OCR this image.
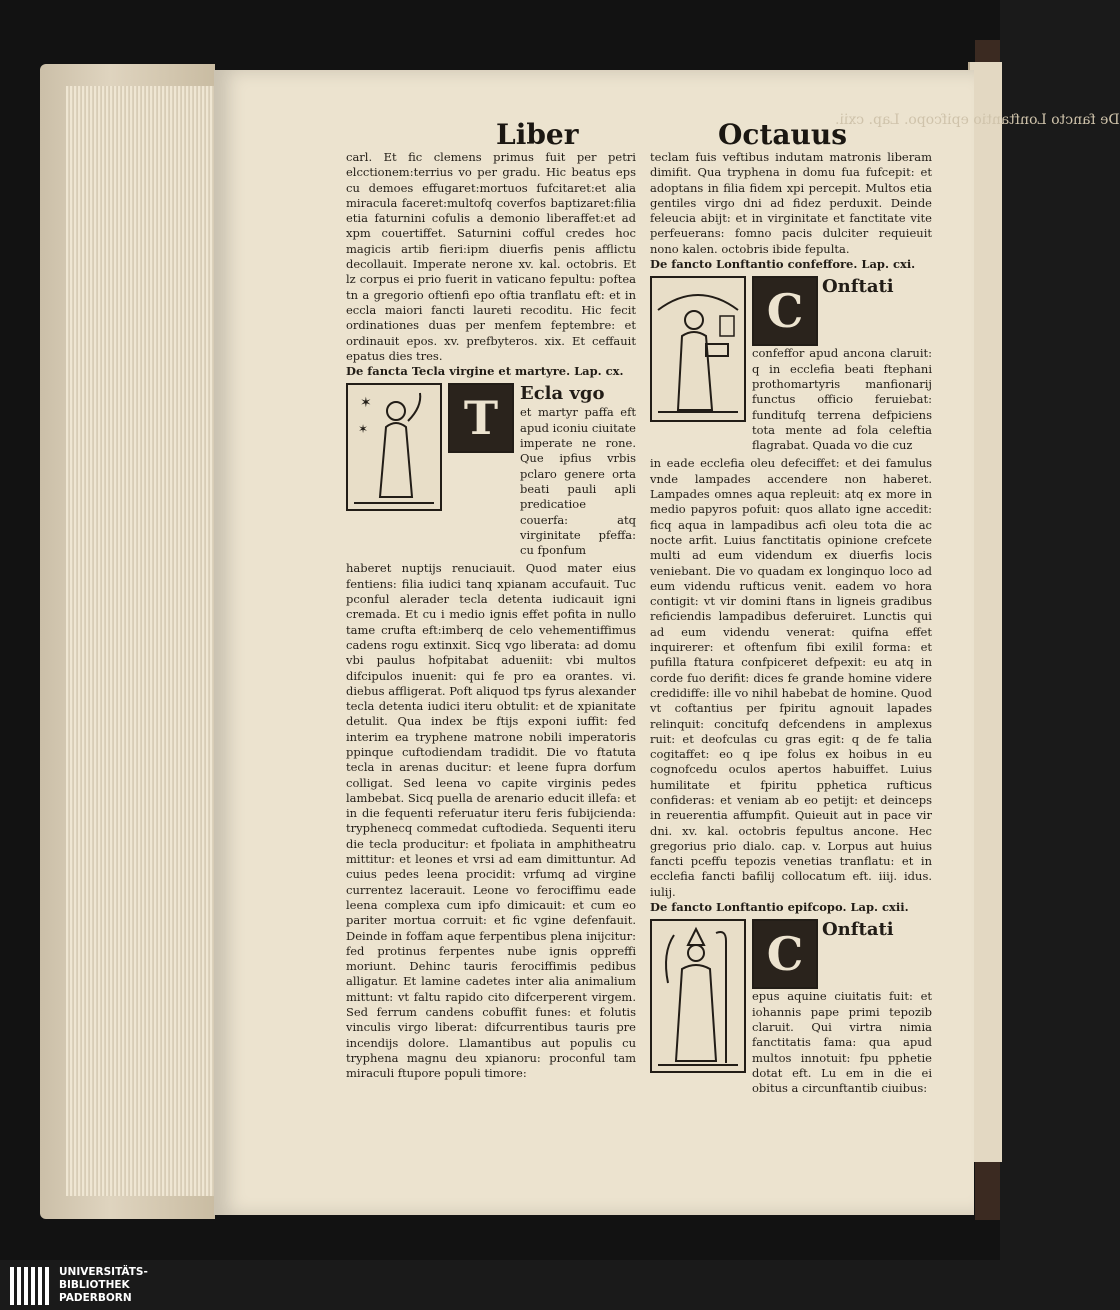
De fancto Lonftantio epifcopo. Lap. cxii.
Liber	Octauus

carl. Et fic clemens primus fuit per petri elcctionem:terrius vo per gradu. Hic beatus eps cu demoes effugaret:mortuos fufcitaret:et alia miracula faceret:multofq coverfos baptizaret:filia etia faturnini cofulis a demonio liberaffet:et ad xpm couertiffet. Saturnini cofful credes hoc magicis artib fieri:ipm diuerfis penis afflictu decollauit. Imperate nerone xv. kal. octobris. Et lz corpus ei prio fuerit in vaticano fepultu: poftea tn a gregorio oftienfi epo oftia tranflatu eft: et in eccla maiori fancti laureti recoditu. Hic fecit ordinationes duas per menfem feptembre: et ordinauit epos. xv. prefbyteros. xix. Et ceffauit epatus dies tres.

De fancta Tecla virgine et martyre. Lap. cx.

✶
✶	T	Ecla vgo
et martyr paffa eft apud iconiu ciuitate imperate ne rone. Que ipfius vrbis pclaro genere orta beati pauli apli predicatioe couerfa: atq virginitate pfeffa: cu fponfum

haberet nuptijs renuciauit. Quod mater eius fentiens: filia iudici tanq xpianam accufauit. Tuc pconful alerader tecla detenta iudicauit igni cremada. Et cu i medio ignis effet pofita in nullo tame crufta eft:imberq de celo vehementiffimus cadens rogu extinxit. Sicq vgo liberata: ad domu vbi paulus hofpitabat adueniit: vbi multos difcipulos inuenit: qui fe pro ea orantes. vi. diebus affligerat. Poft aliquod tps fyrus alexander tecla detenta iudici iteru obtulit: et de xpianitate detulit. Qua index be ftijs exponi iuffit: fed interim ea tryphene matrone nobili imperatoris ppinque cuftodiendam tradidit. Die vo ftatuta tecla in arenas ducitur: et leene fupra dorfum colligat. Sed leena vo capite virginis pedes lambebat. Sicq puella de arenario educit illefa: et in die fequenti referuatur iteru feris fubijcienda: tryphenecq commedat cuftodieda. Sequenti iteru die tecla producitur: et fpoliata in amphitheatru mittitur: et leones et vrsi ad eam dimittuntur. Ad cuius pedes leena procidit: vrfumq ad virgine currentez lacerauit. Leone vo ferociffimu eade leena complexa cum ipfo dimicauit: et cum eo pariter mortua corruit: et fic vgine defenfauit. Deinde in foffam aque ferpentibus plena inijcitur: fed protinus ferpentes nube ignis oppreffi moriunt. Dehinc tauris ferociffimis pedibus alligatur. Et lamine cadetes inter alia animalium mittunt: vt faltu rapido cito difcerperent virgem. Sed ferrum candens cobuffit funes: et folutis vinculis virgo liberat: difcurrentibus tauris pre incendijs dolore. Llamantibus aut populis cu tryphena magnu deu xpianoru: proconful tam miraculi ftupore populi timore:

teclam fuis veftibus indutam matronis liberam dimifit. Qua tryphena in domu fua fufcepit: et adoptans in filia fidem xpi percepit. Multos etia gentiles virgo dni ad fidez perduxit. Deinde feleucia abijt: et in virginitate et fanctitate vite perfeuerans: fomno pacis dulciter requieuit nono kalen. octobris ibide fepulta.

De fancto Lonftantio confeffore. Lap. cxi.

C	Onftati
confeffor apud ancona claruit: q in ecclefia beati ftephani prothomartyris manfionarij functus officio feruiebat: funditufq terrena defpiciens tota mente ad fola celeftia flagrabat. Quada vo die cuz

in eade ecclefia oleu defeciffet: et dei famulus vnde lampades accendere non haberet. Lampades omnes aqua repleuit: atq ex more in medio papyros pofuit: quos allato igne accedit: ficq aqua in lampadibus acfi oleu tota die ac nocte arfit. Luius fanctitatis opinione crefcete multi ad eum videndum ex diuerfis locis veniebant. Die vo quadam ex longinquo loco ad eum videndu rufticus venit. eadem vo hora contigit: vt vir domini ftans in ligneis gradibus reficiendis lampadibus deferuiret. Lunctis qui ad eum videndu venerat: quifna effet inquirerer: et oftenfum fibi exilil forma: et pufilla ftatura confpiceret defpexit: eu atq in corde fuo derifit: dices fe grande homine videre credidiffe: ille vo nihil habebat de homine. Quod vt coftantius per fpiritu agnouit lapades relinquit: concitufq defcendens in amplexus ruit: et deofculas cu gras egit: q de fe talia cogitaffet: eo q ipe folus ex hoibus in eu cognofcedu oculos apertos habuiffet. Luius humilitate et fpiritu pphetica rufticus confideras: et veniam ab eo petijt: et deinceps in reuerentia affumpfit. Quieuit aut in pace vir dni. xv. kal. octobris fepultus ancone. Hec gregorius prio dialo. cap. v. Lorpus aut huius fancti pceffu tepozis venetias tranflatu: et in ecclefia fancti bafilij collocatum eft. iiij. idus. iulij.

De fancto Lonftantio epifcopo. Lap. cxii.

C	Onftati
epus aquine ciuitatis fuit: et iohannis pape primi tepozib claruit. Qui virtra nimia fanctitatis fama: qua apud multos innotuit: fpu pphetie dotat eft. Lu em in die ei obitus a circunftantib ciuibus:
UNIVERSITÄTS-
BIBLIOTHEK
PADERBORN
